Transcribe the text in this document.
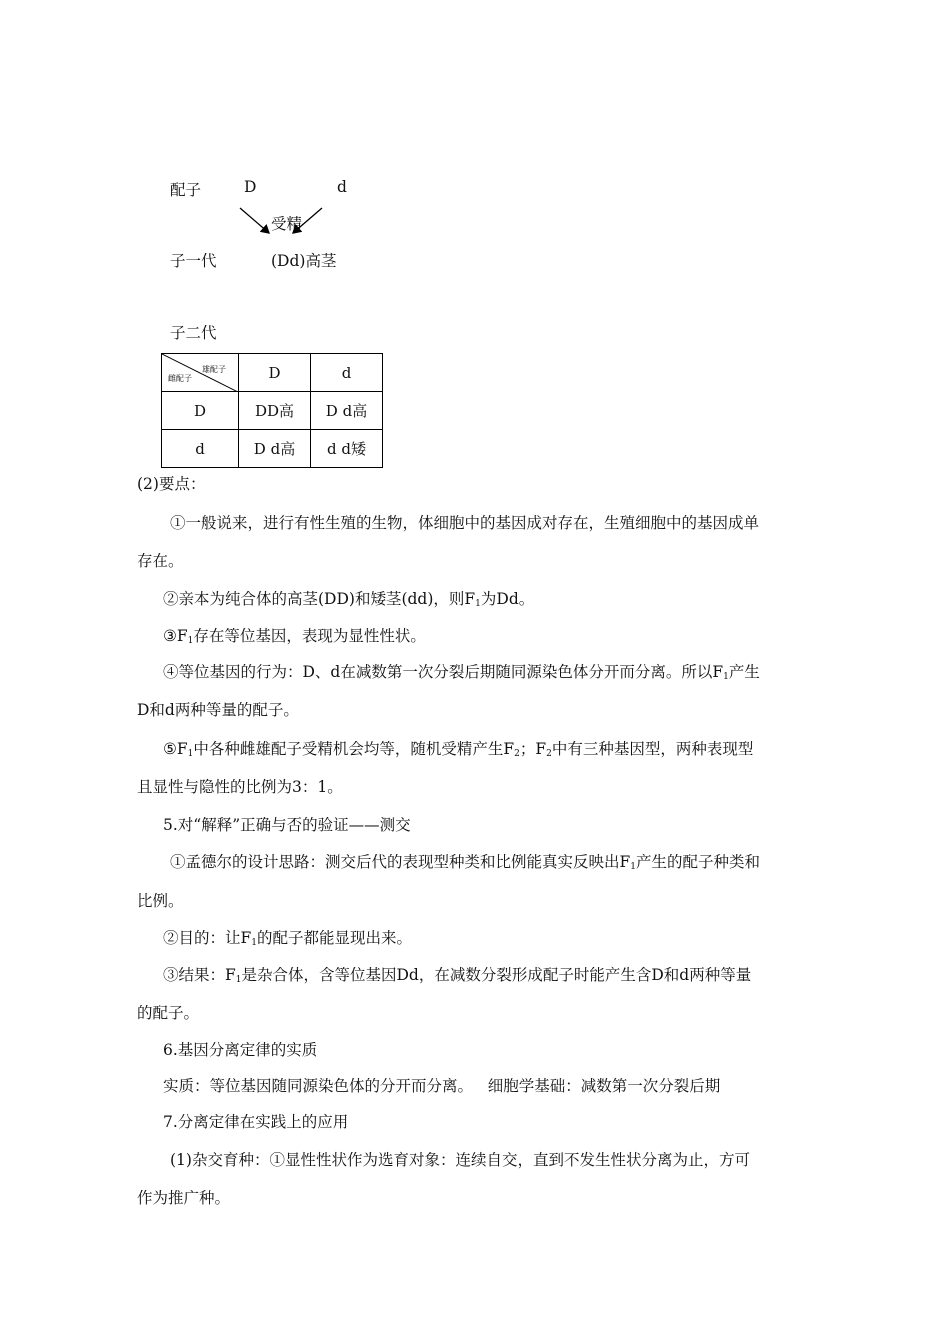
配子	D	d
受精
子一代	(Dd)高茎
子二代
雄配子
雌配子	D	d
D	DD高	D d高
d	D d高	d d矮
(2)要点：
①一般说来，进行有性生殖的生物，体细胞中的基因成对存在，生殖细胞中的基因成单
存在。
②亲本为纯合体的高茎(DD)和矮茎(dd)，则$F_1$为Dd。
$③F_1$存在等位基因，表现为显性性状。
④等位基因的行为：D、d在减数第一次分裂后期随同源染色体分开而分离。所以$F_1$产生
D和d两种等量的配子。
$⑤F_1$中各种雌雄配子受精机会均等，随机受精产生$F_2$；$F_2$中有三种基因型，两种表现型
且显性与隐性的比例为3：1。
5.对“解释”正确与否的验证——测交
①孟德尔的设计思路：测交后代的表现型种类和比例能真实反映出$F_1$产生的配子种类和
比例。
②目的：让$F_1$的配子都能显现出来。
③结果：$F_1$是杂合体，含等位基因Dd，在减数分裂形成配子时能产生含D和d两种等量
的配子。
6.基因分离定律的实质
实质：等位基因随同源染色体的分开而分离。   细胞学基础：减数第一次分裂后期
7.分离定律在实践上的应用
(1)杂交育种：①显性性状作为选育对象：连续自交，直到不发生性状分离为止，方可
作为推广种。
